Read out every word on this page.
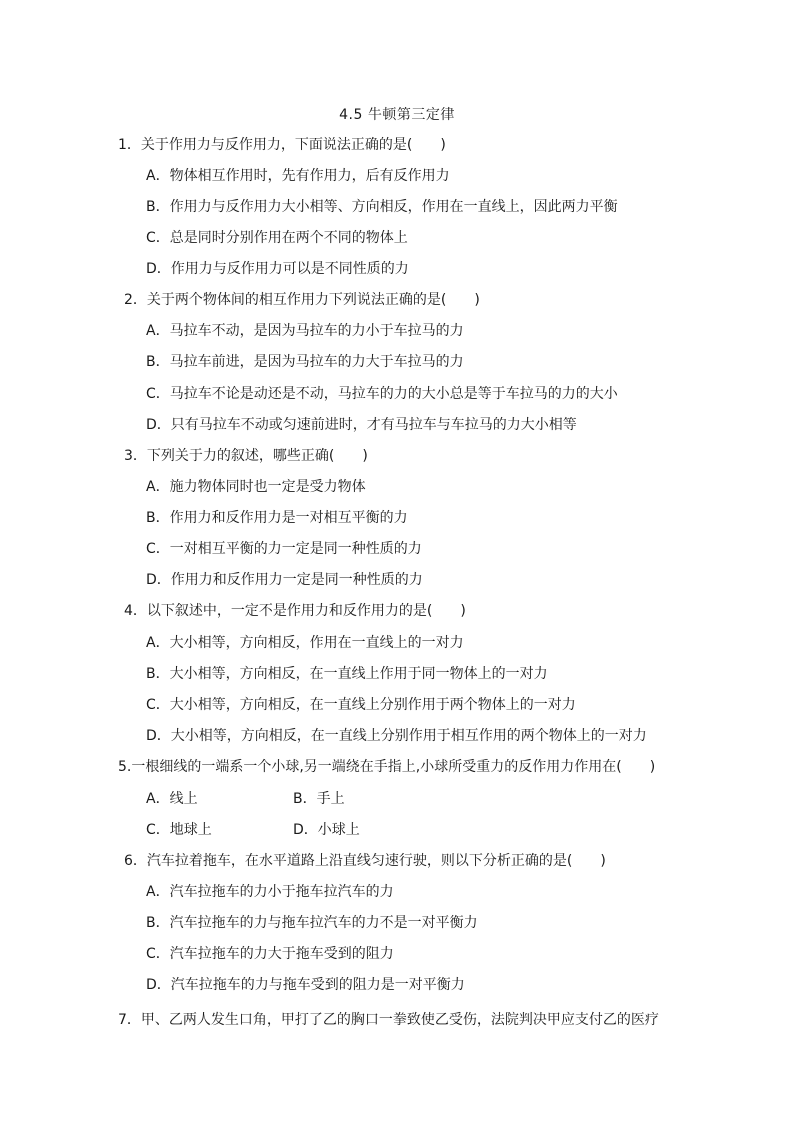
4.5 牛顿第三定律
1．关于作用力与反作用力，下面说法正确的是(　　)
A．物体相互作用时，先有作用力，后有反作用力
B．作用力与反作用力大小相等、方向相反，作用在一直线上，因此两力平衡
C．总是同时分别作用在两个不同的物体上
D．作用力与反作用力可以是不同性质的力
2．关于两个物体间的相互作用力下列说法正确的是(　　)
A．马拉车不动，是因为马拉车的力小于车拉马的力
B．马拉车前进，是因为马拉车的力大于车拉马的力
C．马拉车不论是动还是不动，马拉车的力的大小总是等于车拉马的力的大小
D．只有马拉车不动或匀速前进时，才有马拉车与车拉马的力大小相等
3．下列关于力的叙述，哪些正确(　　)
A．施力物体同时也一定是受力物体
B．作用力和反作用力是一对相互平衡的力
C．一对相互平衡的力一定是同一种性质的力
D．作用力和反作用力一定是同一种性质的力
4．以下叙述中，一定不是作用力和反作用力的是(　　)
A．大小相等，方向相反，作用在一直线上的一对力
B．大小相等，方向相反，在一直线上作用于同一物体上的一对力
C．大小相等，方向相反，在一直线上分别作用于两个物体上的一对力
D．大小相等，方向相反，在一直线上分别作用于相互作用的两个物体上的一对力
5.一根细线的一端系一个小球,另一端绕在手指上,小球所受重力的反作用力作用在(　　)
A．线上	B．手上
C．地球上	D．小球上
6．汽车拉着拖车，在水平道路上沿直线匀速行驶，则以下分析正确的是(　　)
A．汽车拉拖车的力小于拖车拉汽车的力
B．汽车拉拖车的力与拖车拉汽车的力不是一对平衡力
C．汽车拉拖车的力大于拖车受到的阻力
D．汽车拉拖车的力与拖车受到的阻力是一对平衡力
7．甲、乙两人发生口角，甲打了乙的胸口一拳致使乙受伤，法院判决甲应支付乙的医疗
